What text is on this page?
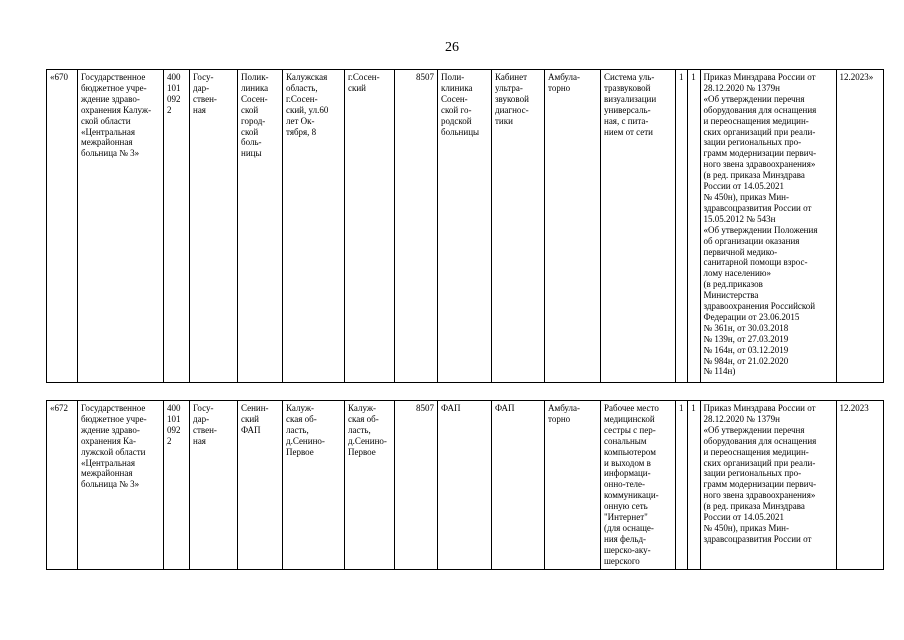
26
«670	Государственное
бюджетное учре-
ждение здраво-
охранения Калуж-
ской области
«Центральная
межрайонная
больница № 3»	400
101
092
2	Госу-
дар-
ствен-
ная	Полик-
линика
Сосен-
ской
город-
ской
боль-
ницы	Калужская
область,
г.Сосен-
ский, ул.60
лет Ок-
тября, 8	г.Сосен-
ский	8507	Поли-
клиника
Сосен-
ской го-
родской
больницы	Кабинет
ультра-
звуковой
диагнос-
тики	Амбула-
торно	Система уль-
тразвуковой
визуализации
универсаль-
ная, с пита-
нием от сети	1	1	Приказ Минздрава России от
28.12.2020 № 1379н
«Об утверждении перечня
оборудования для оснащения
и переоснащения медицин-
ских организаций при реали-
зации региональных про-
грамм модернизации первич-
ного звена здравоохранения»
(в ред. приказа Минздрава
России от 14.05.2021
№ 450н), приказ Мин-
здравсоцразвития России от
15.05.2012 № 543н
«Об утверждении Положения
об организации оказания
первичной медико-
санитарной помощи взрос-
лому населению»
(в ред.приказов
Министерства
здравоохранения Российской
Федерации от 23.06.2015
№ 361н, от 30.03.2018
№ 139н, от 27.03.2019
№ 164н, от 03.12.2019
№ 984н, от 21.02.2020
№ 114н)	12.2023»
«672	Государственное
бюджетное учре-
ждение здраво-
охранения Ка-
лужской области
«Центральная
межрайонная
больница № 3»	400
101
092
2	Госу-
дар-
ствен-
ная	Сенин-
ский
ФАП	Калуж-
ская об-
ласть,
д.Сенино-
Первое	Калуж-
ская об-
ласть,
д.Сенино-
Первое	8507	ФАП	ФАП	Амбула-
торно	Рабочее место
медицинской
сестры с пер-
сональным
компьютером
и выходом в
информаци-
онно-теле-
коммуникаци-
онную сеть
"Интернет"
(для оснаще-
ния фельд-
шерско-аку-
шерского	1	1	Приказ Минздрава России от
28.12.2020 № 1379н
«Об утверждении перечня
оборудования для оснащения
и переоснащения медицин-
ских организаций при реали-
зации региональных про-
грамм модернизации первич-
ного звена здравоохранения»
(в ред. приказа Минздрава
России от 14.05.2021
№ 450н), приказ Мин-
здравсоцразвития России от	12.2023
